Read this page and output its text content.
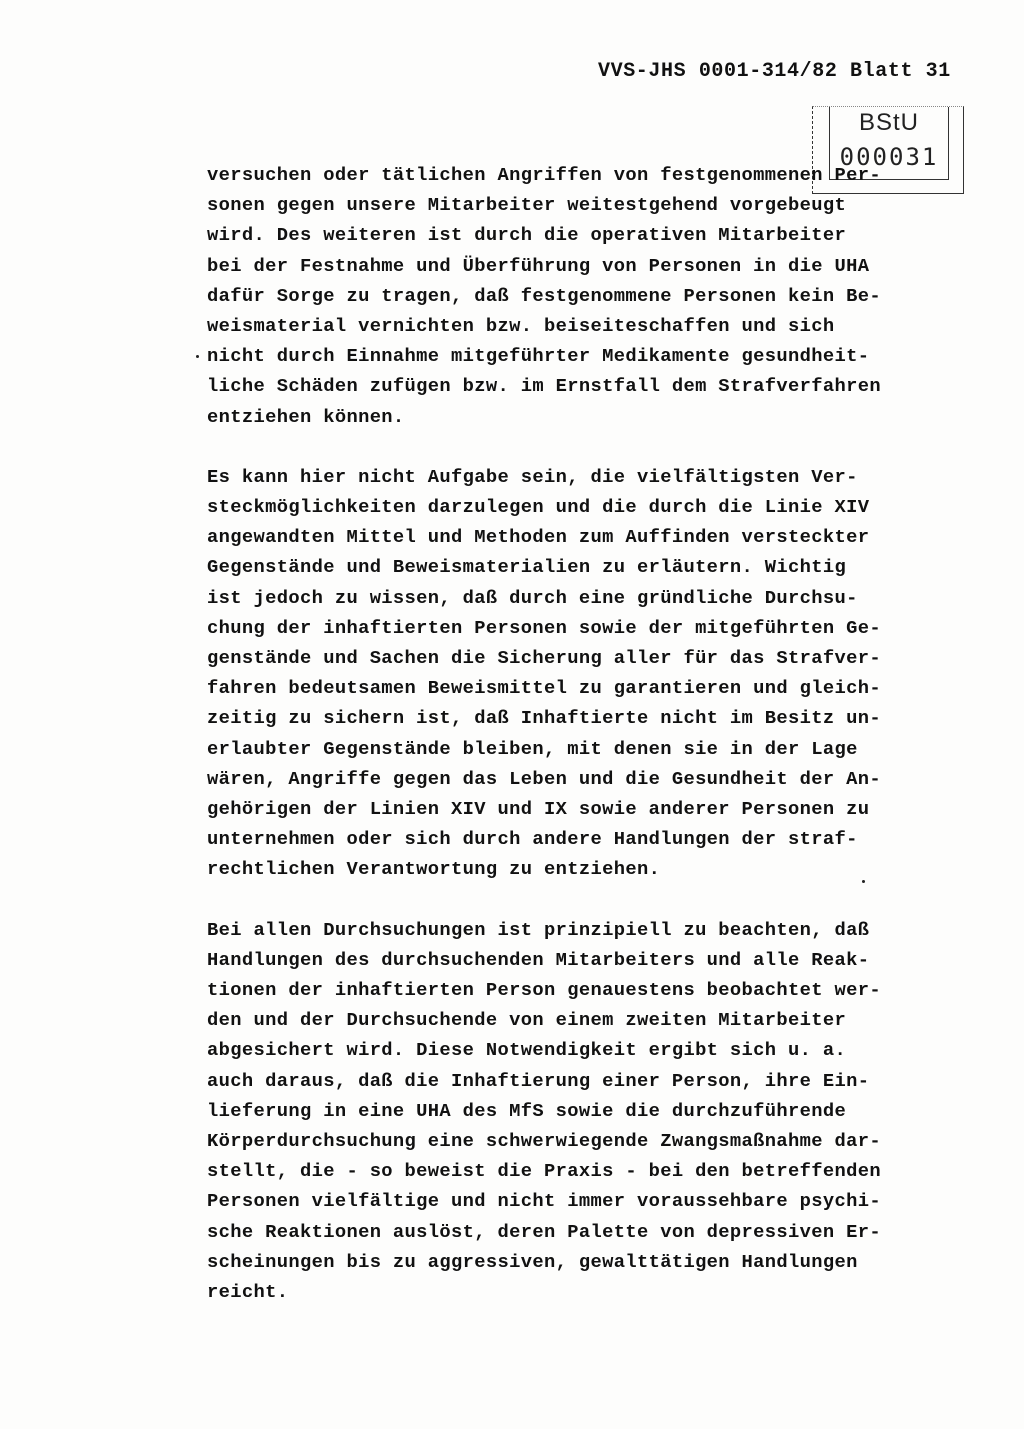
VVS-JHS 0001-314/82 Blatt 31
BStU
000031
versuchen oder tätlichen Angriffen von festgenommenen Per-
sonen gegen unsere Mitarbeiter weitestgehend vorgebeugt
wird. Des weiteren ist durch die operativen Mitarbeiter
bei der Festnahme und Überführung von Personen in die UHA
dafür Sorge zu tragen, daß festgenommene Personen kein Be-
weismaterial vernichten bzw. beiseiteschaffen und sich
nicht durch Einnahme mitgeführter Medikamente gesundheit-
liche Schäden zufügen bzw. im Ernstfall dem Strafverfahren
entziehen können.
Es kann hier nicht Aufgabe sein, die vielfältigsten Ver-
steckmöglichkeiten darzulegen und die durch die Linie XIV
angewandten Mittel und Methoden zum Auffinden versteckter
Gegenstände und Beweismaterialien zu erläutern. Wichtig
ist jedoch zu wissen, daß durch eine gründliche Durchsu-
chung der inhaftierten Personen sowie der mitgeführten Ge-
genstände und Sachen die Sicherung aller für das Strafver-
fahren bedeutsamen Beweismittel zu garantieren und gleich-
zeitig zu sichern ist, daß Inhaftierte nicht im Besitz un-
erlaubter Gegenstände bleiben, mit denen sie in der Lage
wären, Angriffe gegen das Leben und die Gesundheit der An-
gehörigen der Linien XIV und IX sowie anderer Personen zu
unternehmen oder sich durch andere Handlungen der straf-
rechtlichen Verantwortung zu entziehen.
Bei allen Durchsuchungen ist prinzipiell zu beachten, daß
Handlungen des durchsuchenden Mitarbeiters und alle Reak-
tionen der inhaftierten Person genauestens beobachtet wer-
den und der Durchsuchende von einem zweiten Mitarbeiter
abgesichert wird. Diese Notwendigkeit ergibt sich u. a.
auch daraus, daß die Inhaftierung einer Person, ihre Ein-
lieferung in eine UHA des MfS sowie die durchzuführende
Körperdurchsuchung eine schwerwiegende Zwangsmaßnahme dar-
stellt, die - so beweist die Praxis - bei den betreffenden
Personen vielfältige und nicht immer voraussehbare psychi-
sche Reaktionen auslöst, deren Palette von depressiven Er-
scheinungen bis zu aggressiven, gewalttätigen Handlungen
reicht.
